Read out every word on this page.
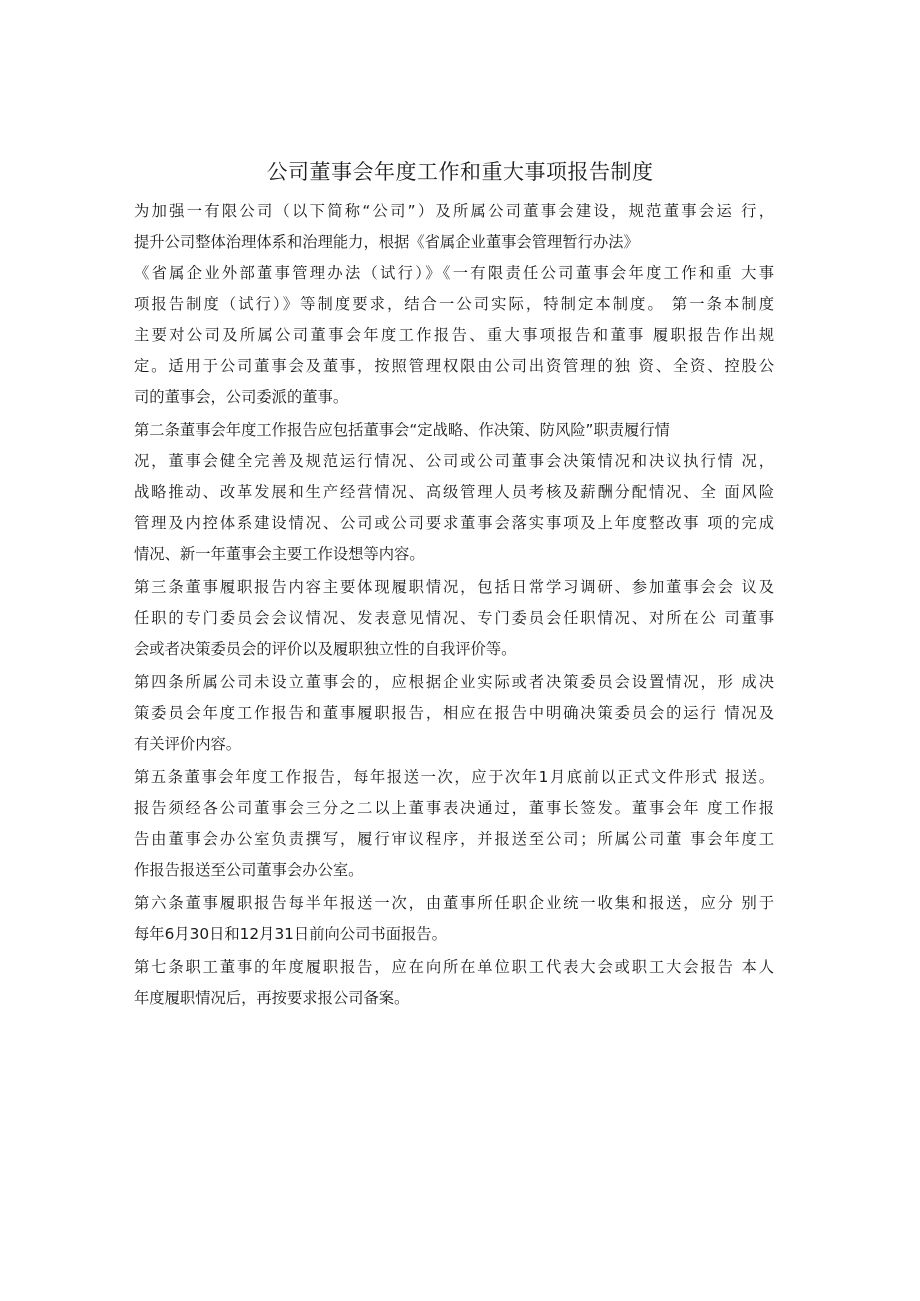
公司董事会年度工作和重大事项报告制度
为加强一有限公司（以下简称“公司”）及所属公司董事会建设，规范董事会运 行，
提升公司整体治理体系和治理能力，根据《省属企业董事会管理暂行办法》
《省属企业外部董事管理办法（试行）》《一有限责任公司董事会年度工作和重 大事
项报告制度（试行）》等制度要求，结合一公司实际，特制定本制度。 第一条本制度
主要对公司及所属公司董事会年度工作报告、重大事项报告和董事 履职报告作出规
定。适用于公司董事会及董事，按照管理权限由公司出资管理的独 资、全资、控股公
司的董事会，公司委派的董事。
第二条董事会年度工作报告应包括董事会“定战略、作决策、防风险”职责履行情
况，董事会健全完善及规范运行情况、公司或公司董事会决策情况和决议执行情 况，
战略推动、改革发展和生产经营情况、高级管理人员考核及薪酬分配情况、全 面风险
管理及内控体系建设情况、公司或公司要求董事会落实事项及上年度整改事 项的完成
情况、新一年董事会主要工作设想等内容。
第三条董事履职报告内容主要体现履职情况，包括日常学习调研、参加董事会会 议及
任职的专门委员会会议情况、发表意见情况、专门委员会任职情况、对所在公 司董事
会或者决策委员会的评价以及履职独立性的自我评价等。
第四条所属公司未设立董事会的，应根据企业实际或者决策委员会设置情况，形 成决
策委员会年度工作报告和董事履职报告，相应在报告中明确决策委员会的运行 情况及
有关评价内容。
第五条董事会年度工作报告，每年报送一次，应于次年1月底前以正式文件形式 报送。
报告须经各公司董事会三分之二以上董事表决通过，董事长签发。董事会年 度工作报
告由董事会办公室负责撰写，履行审议程序，并报送至公司；所属公司董 事会年度工
作报告报送至公司董事会办公室。
第六条董事履职报告每半年报送一次，由董事所任职企业统一收集和报送，应分 别于
每年6月30日和12月31日前向公司书面报告。
第七条职工董事的年度履职报告，应在向所在单位职工代表大会或职工大会报告 本人
年度履职情况后，再按要求报公司备案。
